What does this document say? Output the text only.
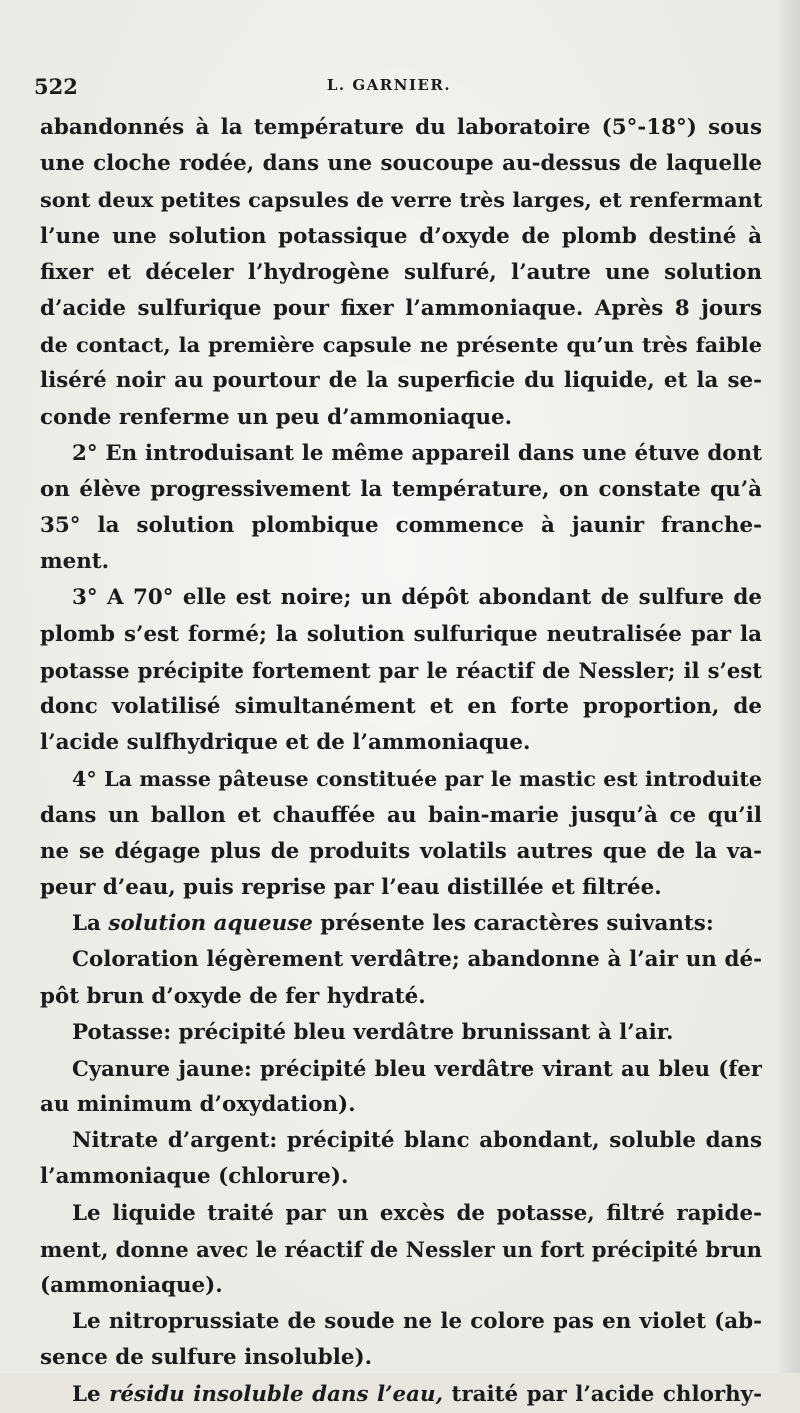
522	L. GARNIER.
abandonnés à la température du laboratoire (5°-18°) sous
une cloche rodée, dans une soucoupe au-dessus de laquelle
sont deux petites capsules de verre très larges, et renfermant
l’une une solution potassique d’oxyde de plomb destiné à
fixer et déceler l’hydrogène sulfuré, l’autre une solution
d’acide sulfurique pour fixer l’ammoniaque. Après 8 jours
de contact, la première capsule ne présente qu’un très faible
liséré noir au pourtour de la superficie du liquide, et la se-
conde renferme un peu d’ammoniaque.
2° En introduisant le même appareil dans une étuve dont
on élève progressivement la température, on constate qu’à
35° la solution plombique commence à jaunir franche-
ment.
3° A 70° elle est noire; un dépôt abondant de sulfure de
plomb s’est formé; la solution sulfurique neutralisée par la
potasse précipite fortement par le réactif de Nessler; il s’est
donc volatilisé simultanément et en forte proportion, de
l’acide sulfhydrique et de l’ammoniaque.
4° La masse pâteuse constituée par le mastic est introduite
dans un ballon et chauffée au bain-marie jusqu’à ce qu’il
ne se dégage plus de produits volatils autres que de la va-
peur d’eau, puis reprise par l’eau distillée et filtrée.
La solution aqueuse présente les caractères suivants:
Coloration légèrement verdâtre; abandonne à l’air un dé-
pôt brun d’oxyde de fer hydraté.
Potasse: précipité bleu verdâtre brunissant à l’air.
Cyanure jaune: précipité bleu verdâtre virant au bleu (fer
au minimum d’oxydation).
Nitrate d’argent: précipité blanc abondant, soluble dans
l’ammoniaque (chlorure).
Le liquide traité par un excès de potasse, filtré rapide-
ment, donne avec le réactif de Nessler un fort précipité brun
(ammoniaque).
Le nitroprussiate de soude ne le colore pas en violet (ab-
sence de sulfure insoluble).
Le résidu insoluble dans l’eau, traité par l’acide chlorhy-
